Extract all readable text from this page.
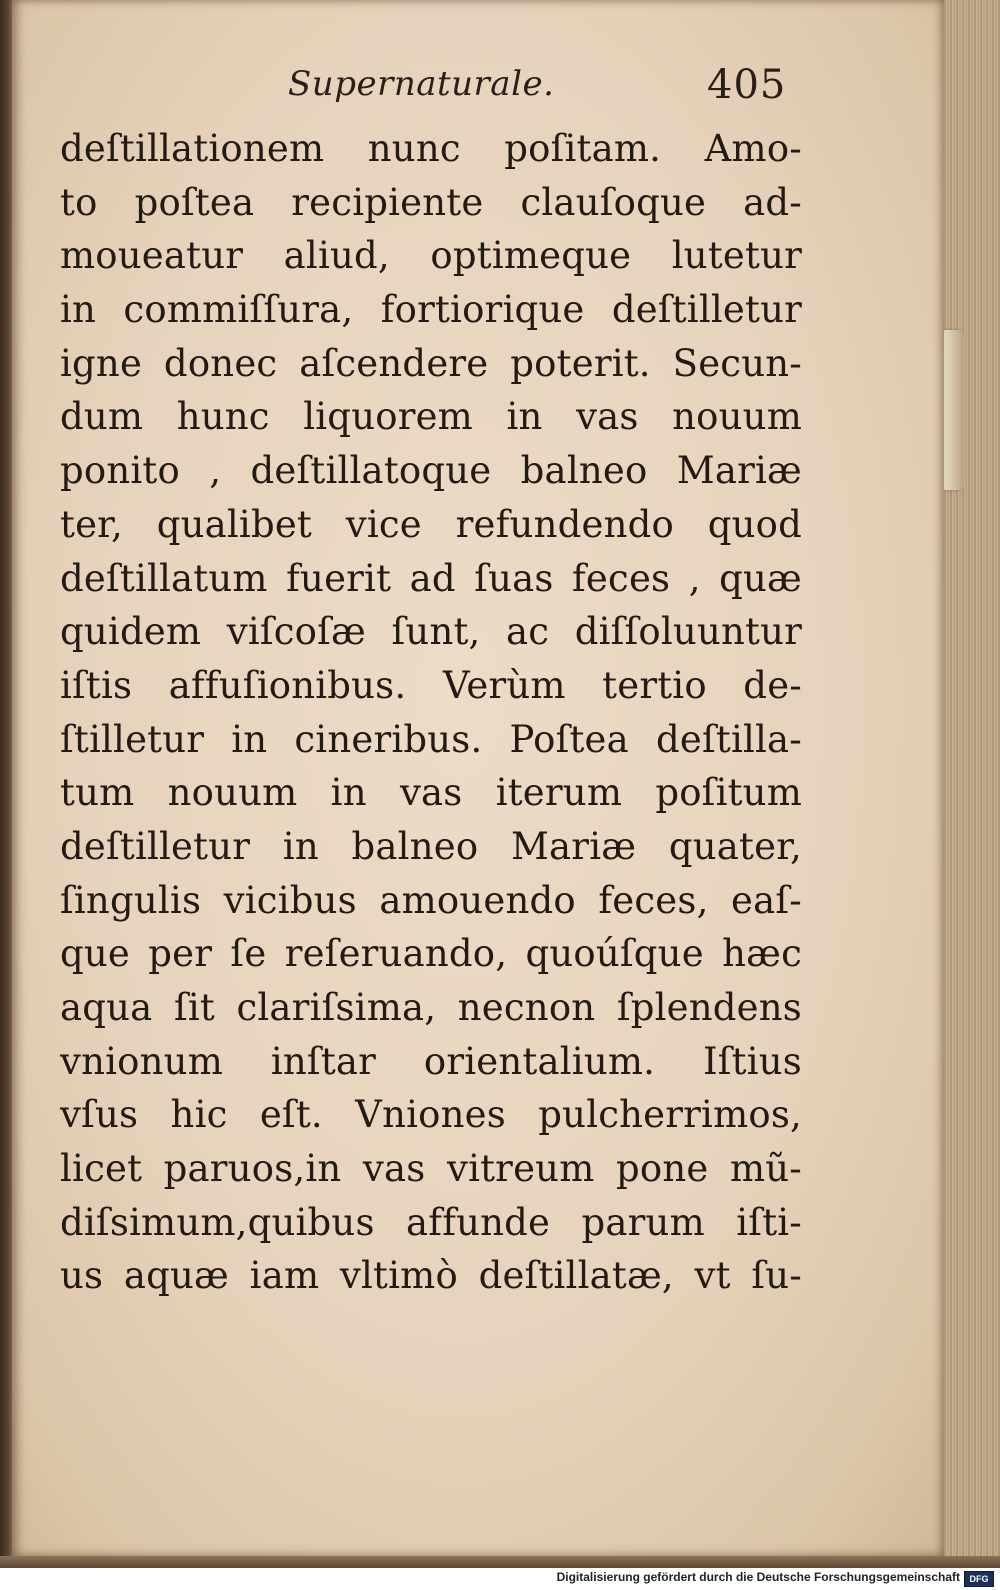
Supernaturale.	405
deſtillationem nunc poſitam. Amo-
to poſtea recipiente clauſoque ad-
moueatur aliud, optimeque lutetur
in commiſſura, fortiorique deſtilletur
igne donec aſcendere poterit. Secun-
dum hunc liquorem in vas nouum
ponito , deſtillatoque balneo Mariæ
ter, qualibet vice refundendo quod
deſtillatum fuerit ad ſuas feces , quæ
quidem viſcoſæ ſunt, ac diſſoluuntur
iſtis affuſionibus. Verùm tertio de-
ſtilletur in cineribus. Poſtea deſtilla-
tum nouum in vas iterum poſitum
deſtilletur in balneo Mariæ quater,
ſingulis vicibus amouendo feces, eaſ-
que per ſe reſeruando, quoúſque hæc
aqua ſit clariſsima, necnon ſplendens
vnionum inſtar orientalium. Iſtius
vſus hic eſt. Vniones pulcherrimos,
licet paruos,in vas vitreum pone mũ-
diſsimum,quibus affunde parum iſti-
us aquæ iam vltimò deſtillatæ, vt ſu-
Digitalisierung gefördert durch die Deutsche Forschungsgemeinschaft	DFG
